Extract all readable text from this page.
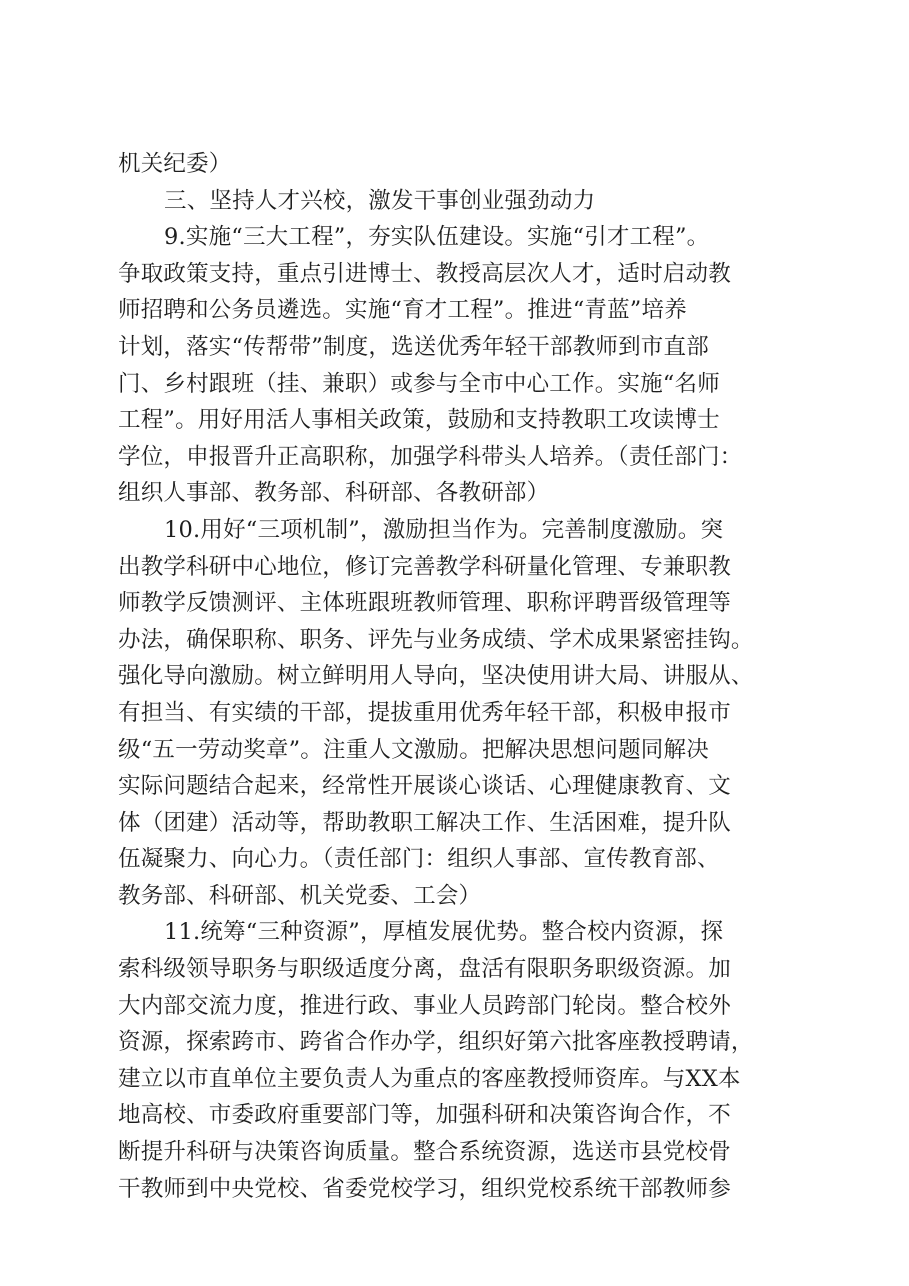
机关纪委）
三、坚持人才兴校，激发干事创业强劲动力
9.实施“三大工程”，夯实队伍建设。实施“引才工程”。
争取政策支持，重点引进博士、教授高层次人才，适时启动教
师招聘和公务员遴选。实施“育才工程”。推进“青蓝”培养
计划，落实“传帮带”制度，选送优秀年轻干部教师到市直部
门、乡村跟班（挂、兼职）或参与全市中心工作。实施“名师
工程”。用好用活人事相关政策，鼓励和支持教职工攻读博士
学位，申报晋升正高职称，加强学科带头人培养。（责任部门：
组织人事部、教务部、科研部、各教研部）
10.用好“三项机制”，激励担当作为。完善制度激励。突
出教学科研中心地位，修订完善教学科研量化管理、专兼职教
师教学反馈测评、主体班跟班教师管理、职称评聘晋级管理等
办法，确保职称、职务、评先与业务成绩、学术成果紧密挂钩。
强化导向激励。树立鲜明用人导向，坚决使用讲大局、讲服从、
有担当、有实绩的干部，提拔重用优秀年轻干部，积极申报市
级“五一劳动奖章”。注重人文激励。把解决思想问题同解决
实际问题结合起来，经常性开展谈心谈话、心理健康教育、文
体（团建）活动等，帮助教职工解决工作、生活困难，提升队
伍凝聚力、向心力。（责任部门：组织人事部、宣传教育部、
教务部、科研部、机关党委、工会）
11.统筹“三种资源”，厚植发展优势。整合校内资源，探
索科级领导职务与职级适度分离，盘活有限职务职级资源。加
大内部交流力度，推进行政、事业人员跨部门轮岗。整合校外
资源，探索跨市、跨省合作办学，组织好第六批客座教授聘请，
建立以市直单位主要负责人为重点的客座教授师资库。与XX本
地高校、市委政府重要部门等，加强科研和决策咨询合作，不
断提升科研与决策咨询质量。整合系统资源，选送市县党校骨
干教师到中央党校、省委党校学习，组织党校系统干部教师参
